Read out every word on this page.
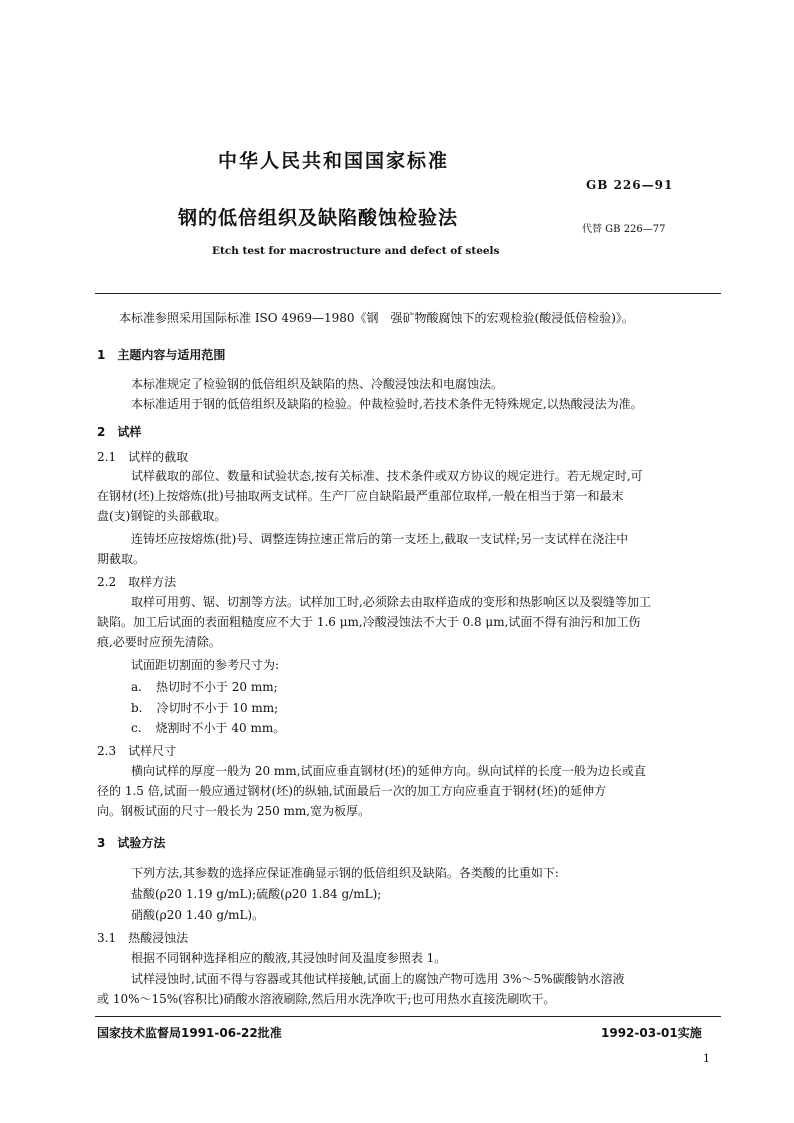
中华人民共和国国家标准
GB 226—91
钢的低倍组织及缺陷酸蚀检验法
代替 GB 226—77
Etch test for macrostructure and defect of steels
本标准参照采用国际标准 ISO 4969—1980《钢　强矿物酸腐蚀下的宏观检验(酸浸低倍检验)》。
1　主题内容与适用范围
本标准规定了检验钢的低倍组织及缺陷的热、冷酸浸蚀法和电腐蚀法。
本标准适用于钢的低倍组织及缺陷的检验。仲裁检验时,若技术条件无特殊规定,以热酸浸法为准。
2　试样
2.1　试样的截取
试样截取的部位、数量和试验状态,按有关标准、技术条件或双方协议的规定进行。若无规定时,可
在钢材(坯)上按熔炼(批)号抽取两支试样。生产厂应自缺陷最严重部位取样,一般在相当于第一和最末
盘(支)钢锭的头部截取。
连铸坯应按熔炼(批)号、调整连铸拉速正常后的第一支坯上,截取一支试样;另一支试样在浇注中
期截取。
2.2　取样方法
取样可用剪、锯、切割等方法。试样加工时,必须除去由取样造成的变形和热影响区以及裂缝等加工
缺陷。加工后试面的表面粗糙度应不大于 1.6 μm,冷酸浸蚀法不大于 0.8 μm,试面不得有油污和加工伤
痕,必要时应预先清除。
试面距切割面的参考尺寸为:
a. 热切时不小于 20 mm;
b. 冷切时不小于 10 mm;
c. 烧割时不小于 40 mm。
2.3　试样尺寸
横向试样的厚度一般为 20 mm,试面应垂直钢材(坯)的延伸方向。纵向试样的长度一般为边长或直
径的 1.5 倍,试面一般应通过钢材(坯)的纵轴,试面最后一次的加工方向应垂直于钢材(坯)的延伸方
向。钢板试面的尺寸一般长为 250 mm,宽为板厚。
3　试验方法
下列方法,其参数的选择应保证准确显示钢的低倍组织及缺陷。各类酸的比重如下:
盐酸(ρ20 1.19 g/mL);硫酸(ρ20 1.84 g/mL);
硝酸(ρ20 1.40 g/mL)。
3.1　热酸浸蚀法
根据不同钢种选择相应的酸液,其浸蚀时间及温度参照表 1。
试样浸蚀时,试面不得与容器或其他试样接触,试面上的腐蚀产物可选用 3%～5%碳酸钠水溶液
或 10%～15%(容积比)硝酸水溶液刷除,然后用水洗净吹干;也可用热水直接洗刷吹干。
国家技术监督局1991-06-22批准	1992-03-01实施
1
